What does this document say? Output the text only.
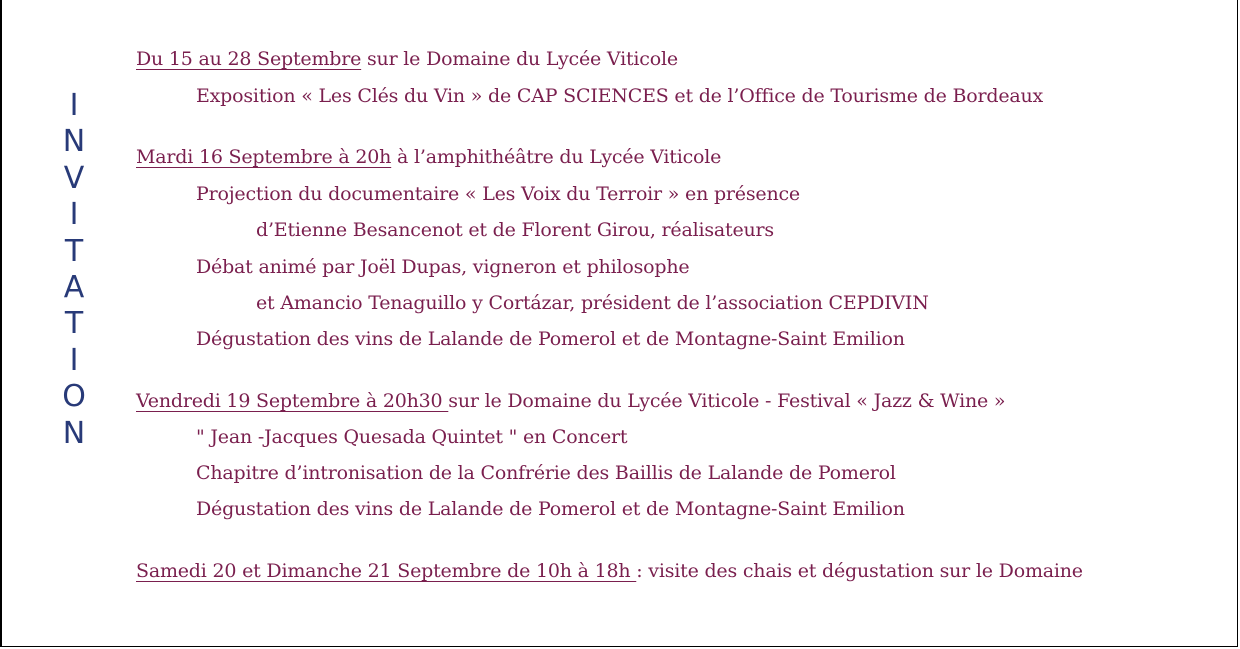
I
N
V
I
T
A
T
I
O
N
Du 15 au 28 Septembre sur le Domaine du Lycée Viticole
Exposition « Les Clés du Vin » de CAP SCIENCES et de l’Office de Tourisme de Bordeaux
Mardi 16 Septembre à 20h à l’amphithéâtre du Lycée Viticole
Projection du documentaire « Les Voix du Terroir » en présence
d’Etienne Besancenot et de Florent Girou, réalisateurs
Débat animé par Joël Dupas, vigneron et philosophe
et Amancio Tenaguillo y Cortázar, président de l’association CEPDIVIN
Dégustation des vins de Lalande de Pomerol et de Montagne-Saint Emilion
Vendredi 19 Septembre à 20h30 sur le Domaine du Lycée Viticole - Festival « Jazz & Wine »
" Jean -Jacques Quesada Quintet " en Concert
Chapitre d’intronisation de la Confrérie des Baillis de Lalande de Pomerol
Dégustation des vins de Lalande de Pomerol et de Montagne-Saint Emilion
Samedi 20 et Dimanche 21 Septembre de 10h à 18h : visite des chais et dégustation sur le Domaine
